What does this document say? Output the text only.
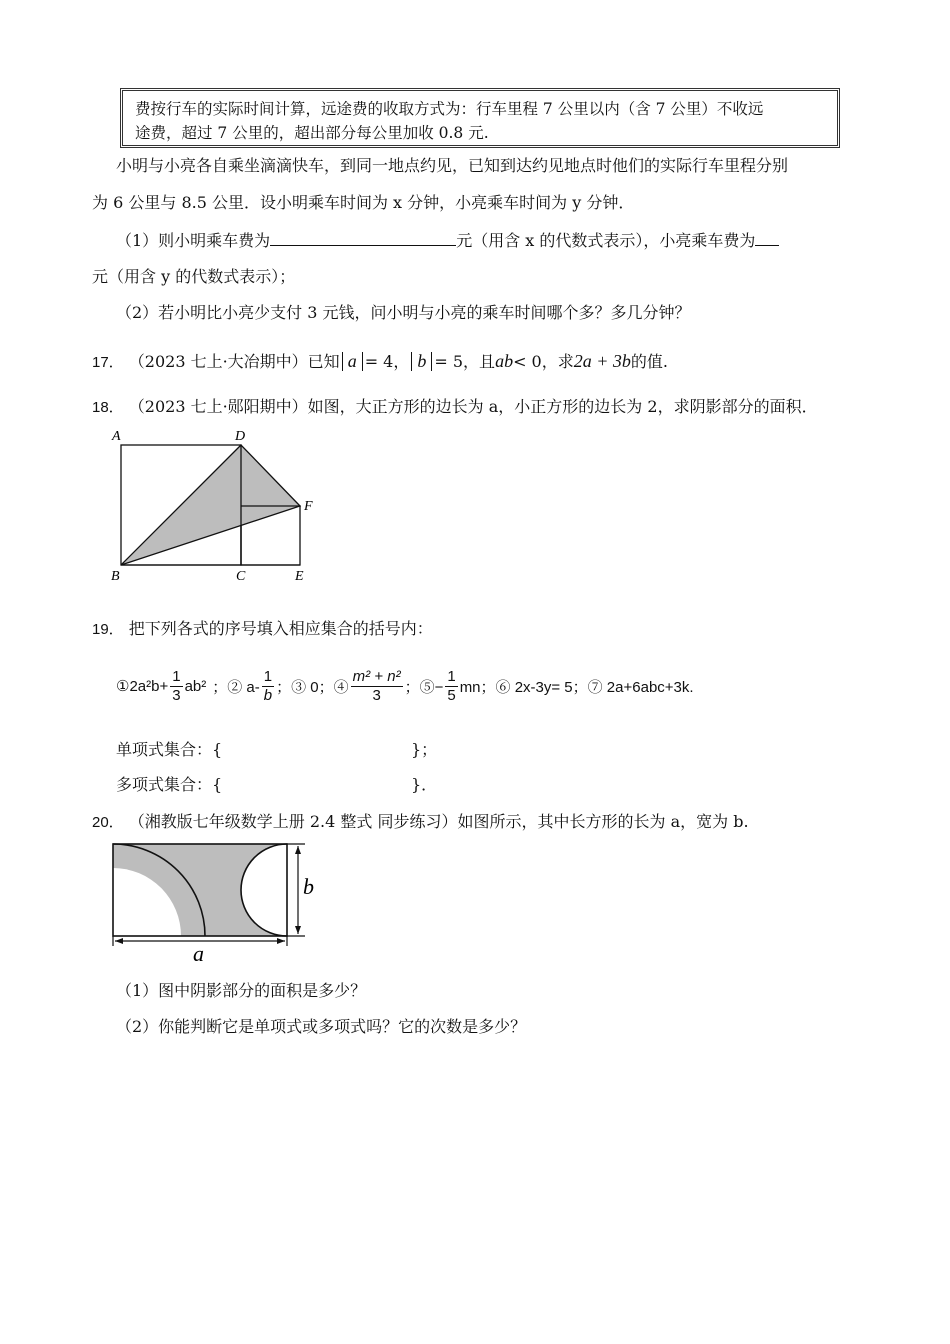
费按行车的实际时间计算，远途费的收取方式为：行车里程 7 公里以内（含 7 公里）不收远
途费，超过 7 公里的，超出部分每公里加收 0.8 元.
小明与小亮各自乘坐滴滴快车，到同一地点约见，已知到达约见地点时他们的实际行车里程分别
为 6 公里与 8.5 公里．设小明乘车时间为 x 分钟，小亮乘车时间为 y 分钟．
（1）则小明乘车费为	元（用含 x 的代数式表示），小亮乘车费为
元（用含 y 的代数式表示）；
（2）若小明比小亮少支付 3 元钱，问小明与小亮的乘车时间哪个多？多几分钟？
17． （2023 七上·大冶期中）已知 a = 4， b = 5，且ab< 0，求2a + 3b的值.
18． （2023 七上·郧阳期中）如图，大正方形的边长为 a，小正方形的边长为 2，求阴影部分的面积．
A	D
F
B	C	E
19． 把下列各式的序号填入相应集合的括号内：
①2a²b+ $\frac{1}{3} ab^2$ ；② $a- \frac{1}{b}$ ；③ 0；④ $\frac{\text{m² + n²}}{3}$ ；⑤− $\frac{1}{5}$ mn；⑥ 2x-3y= 5；⑦ 2a+6abc+3k.
单项式集合：{	}；
多项式集合：{	}．
20． （湘教版七年级数学上册 2.4 整式 同步练习）如图所示，其中长方形的长为 a，宽为 b.
a
b
（1）图中阴影部分的面积是多少？
（2）你能判断它是单项式或多项式吗？它的次数是多少？
